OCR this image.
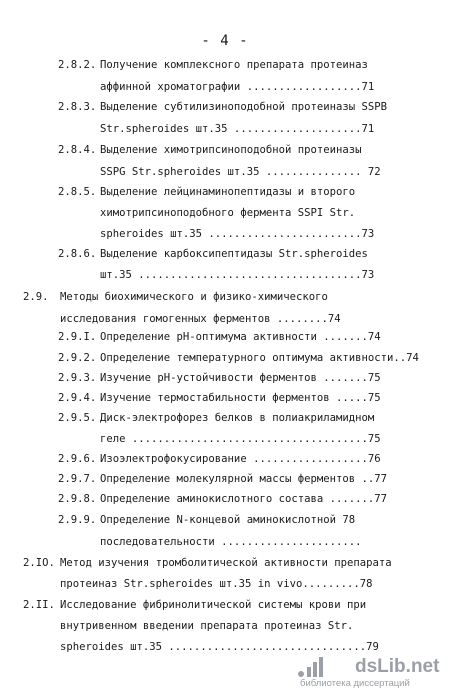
- 4 -
2.8.2. Получение комплексного препарата протеиназ
аффинной хроматографии ..................71
2.8.3. Выделение субтилизиноподобной протеиназы SSPB
Str.spheroides шт.35 ....................71
2.8.4. Выделение химотрипсиноподобной протеиназы
SSPG Str.spheroides шт.35 ............... 72
2.8.5. Выделение лейцинаминопептидазы и второго
химотрипсиноподобного фермента SSPI Str.
spheroides шт.35 ........................73
2.8.6. Выделение карбоксипептидазы Str.spheroides
шт.35 ...................................73
2.9. Методы биохимического и физико-химического
исследования гомогенных ферментов ........74
2.9.I. Определение рН-оптимума активности .......74
2.9.2. Определение температурного оптимума активности..74
2.9.3. Изучение рН-устойчивости ферментов .......75
2.9.4. Изучение термостабильности ферментов .....75
2.9.5. Диск-электрофорез белков в полиакриламидном
геле .....................................75
2.9.6. Изоэлектрофокусирование ..................76
2.9.7. Определение молекулярной массы ферментов ..77
2.9.8. Определение аминокислотного состава .......77
2.9.9. Определение N-концевой аминокислотной 78
последовательности ......................
2.IO. Метод изучения тромболитической активности препарата
протеиназ Str.spheroides шт.35 in vivo.........78
2.II. Исследование фибринолитической системы крови при
внутривенном введении препарата протеиназ Str.
spheroides шт.35 ...............................79
dsLib.net
библиотека диссертаций
